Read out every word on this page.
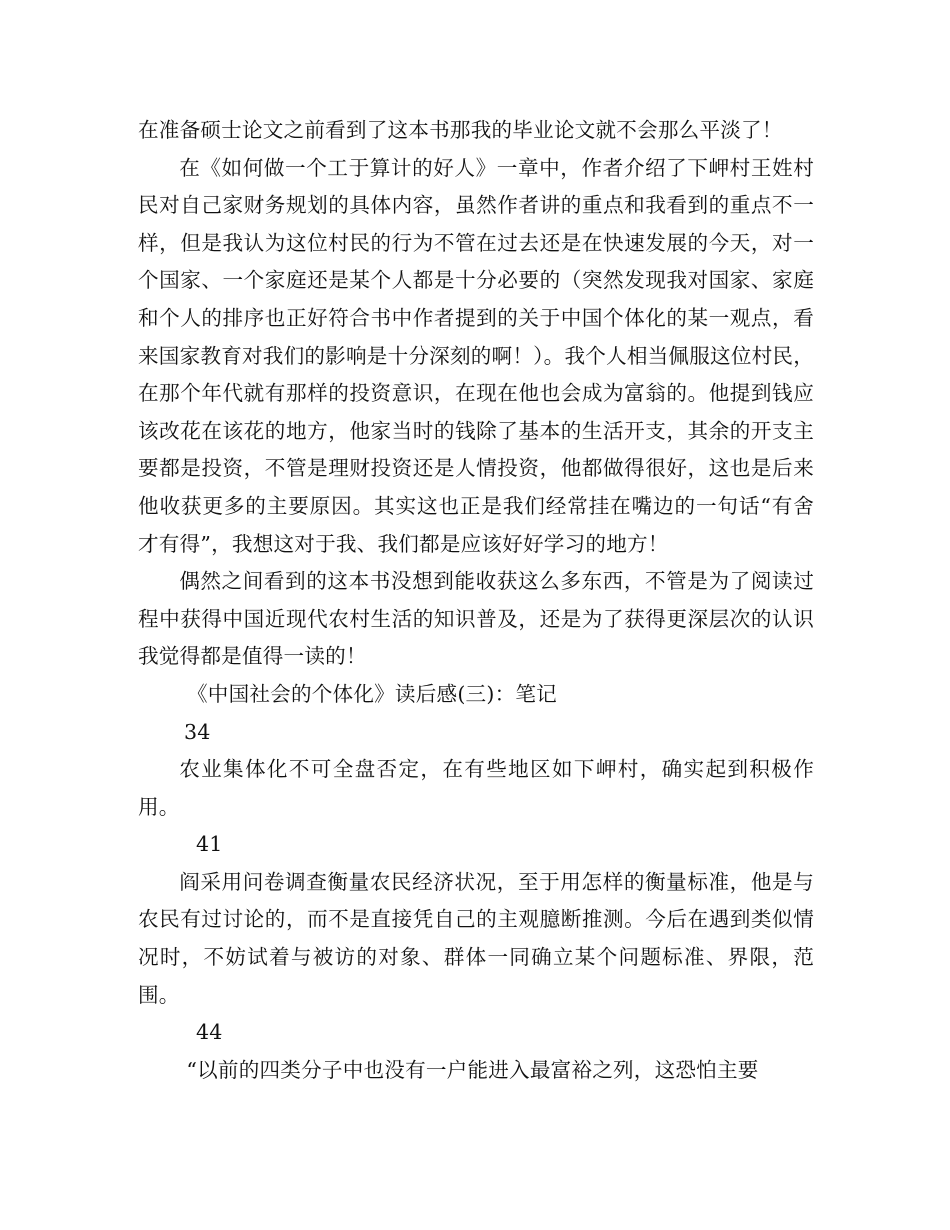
在准备硕士论文之前看到了这本书那我的毕业论文就不会那么平淡了！

在《如何做一个工于算计的好人》一章中，作者介绍了下岬村王姓村民对自己家财务规划的具体内容，虽然作者讲的重点和我看到的重点不一样，但是我认为这位村民的行为不管在过去还是在快速发展的今天，对一个国家、一个家庭还是某个人都是十分必要的（突然发现我对国家、家庭和个人的排序也正好符合书中作者提到的关于中国个体化的某一观点，看来国家教育对我们的影响是十分深刻的啊！）。我个人相当佩服这位村民，在那个年代就有那样的投资意识，在现在他也会成为富翁的。他提到钱应该改花在该花的地方，他家当时的钱除了基本的生活开支，其余的开支主要都是投资，不管是理财投资还是人情投资，他都做得很好，这也是后来他收获更多的主要原因。其实这也正是我们经常挂在嘴边的一句话“有舍才有得”，我想这对于我、我们都是应该好好学习的地方！

偶然之间看到的这本书没想到能收获这么多东西，不管是为了阅读过程中获得中国近现代农村生活的知识普及，还是为了获得更深层次的认识我觉得都是值得一读的！

《中国社会的个体化》读后感(三)：笔记

34

农业集体化不可全盘否定，在有些地区如下岬村，确实起到积极作用。

41

阎采用问卷调查衡量农民经济状况，至于用怎样的衡量标准，他是与农民有过讨论的，而不是直接凭自己的主观臆断推测。今后在遇到类似情况时，不妨试着与被访的对象、群体一同确立某个问题标准、界限，范围。

44

“以前的四类分子中也没有一户能进入最富裕之列，这恐怕主要
